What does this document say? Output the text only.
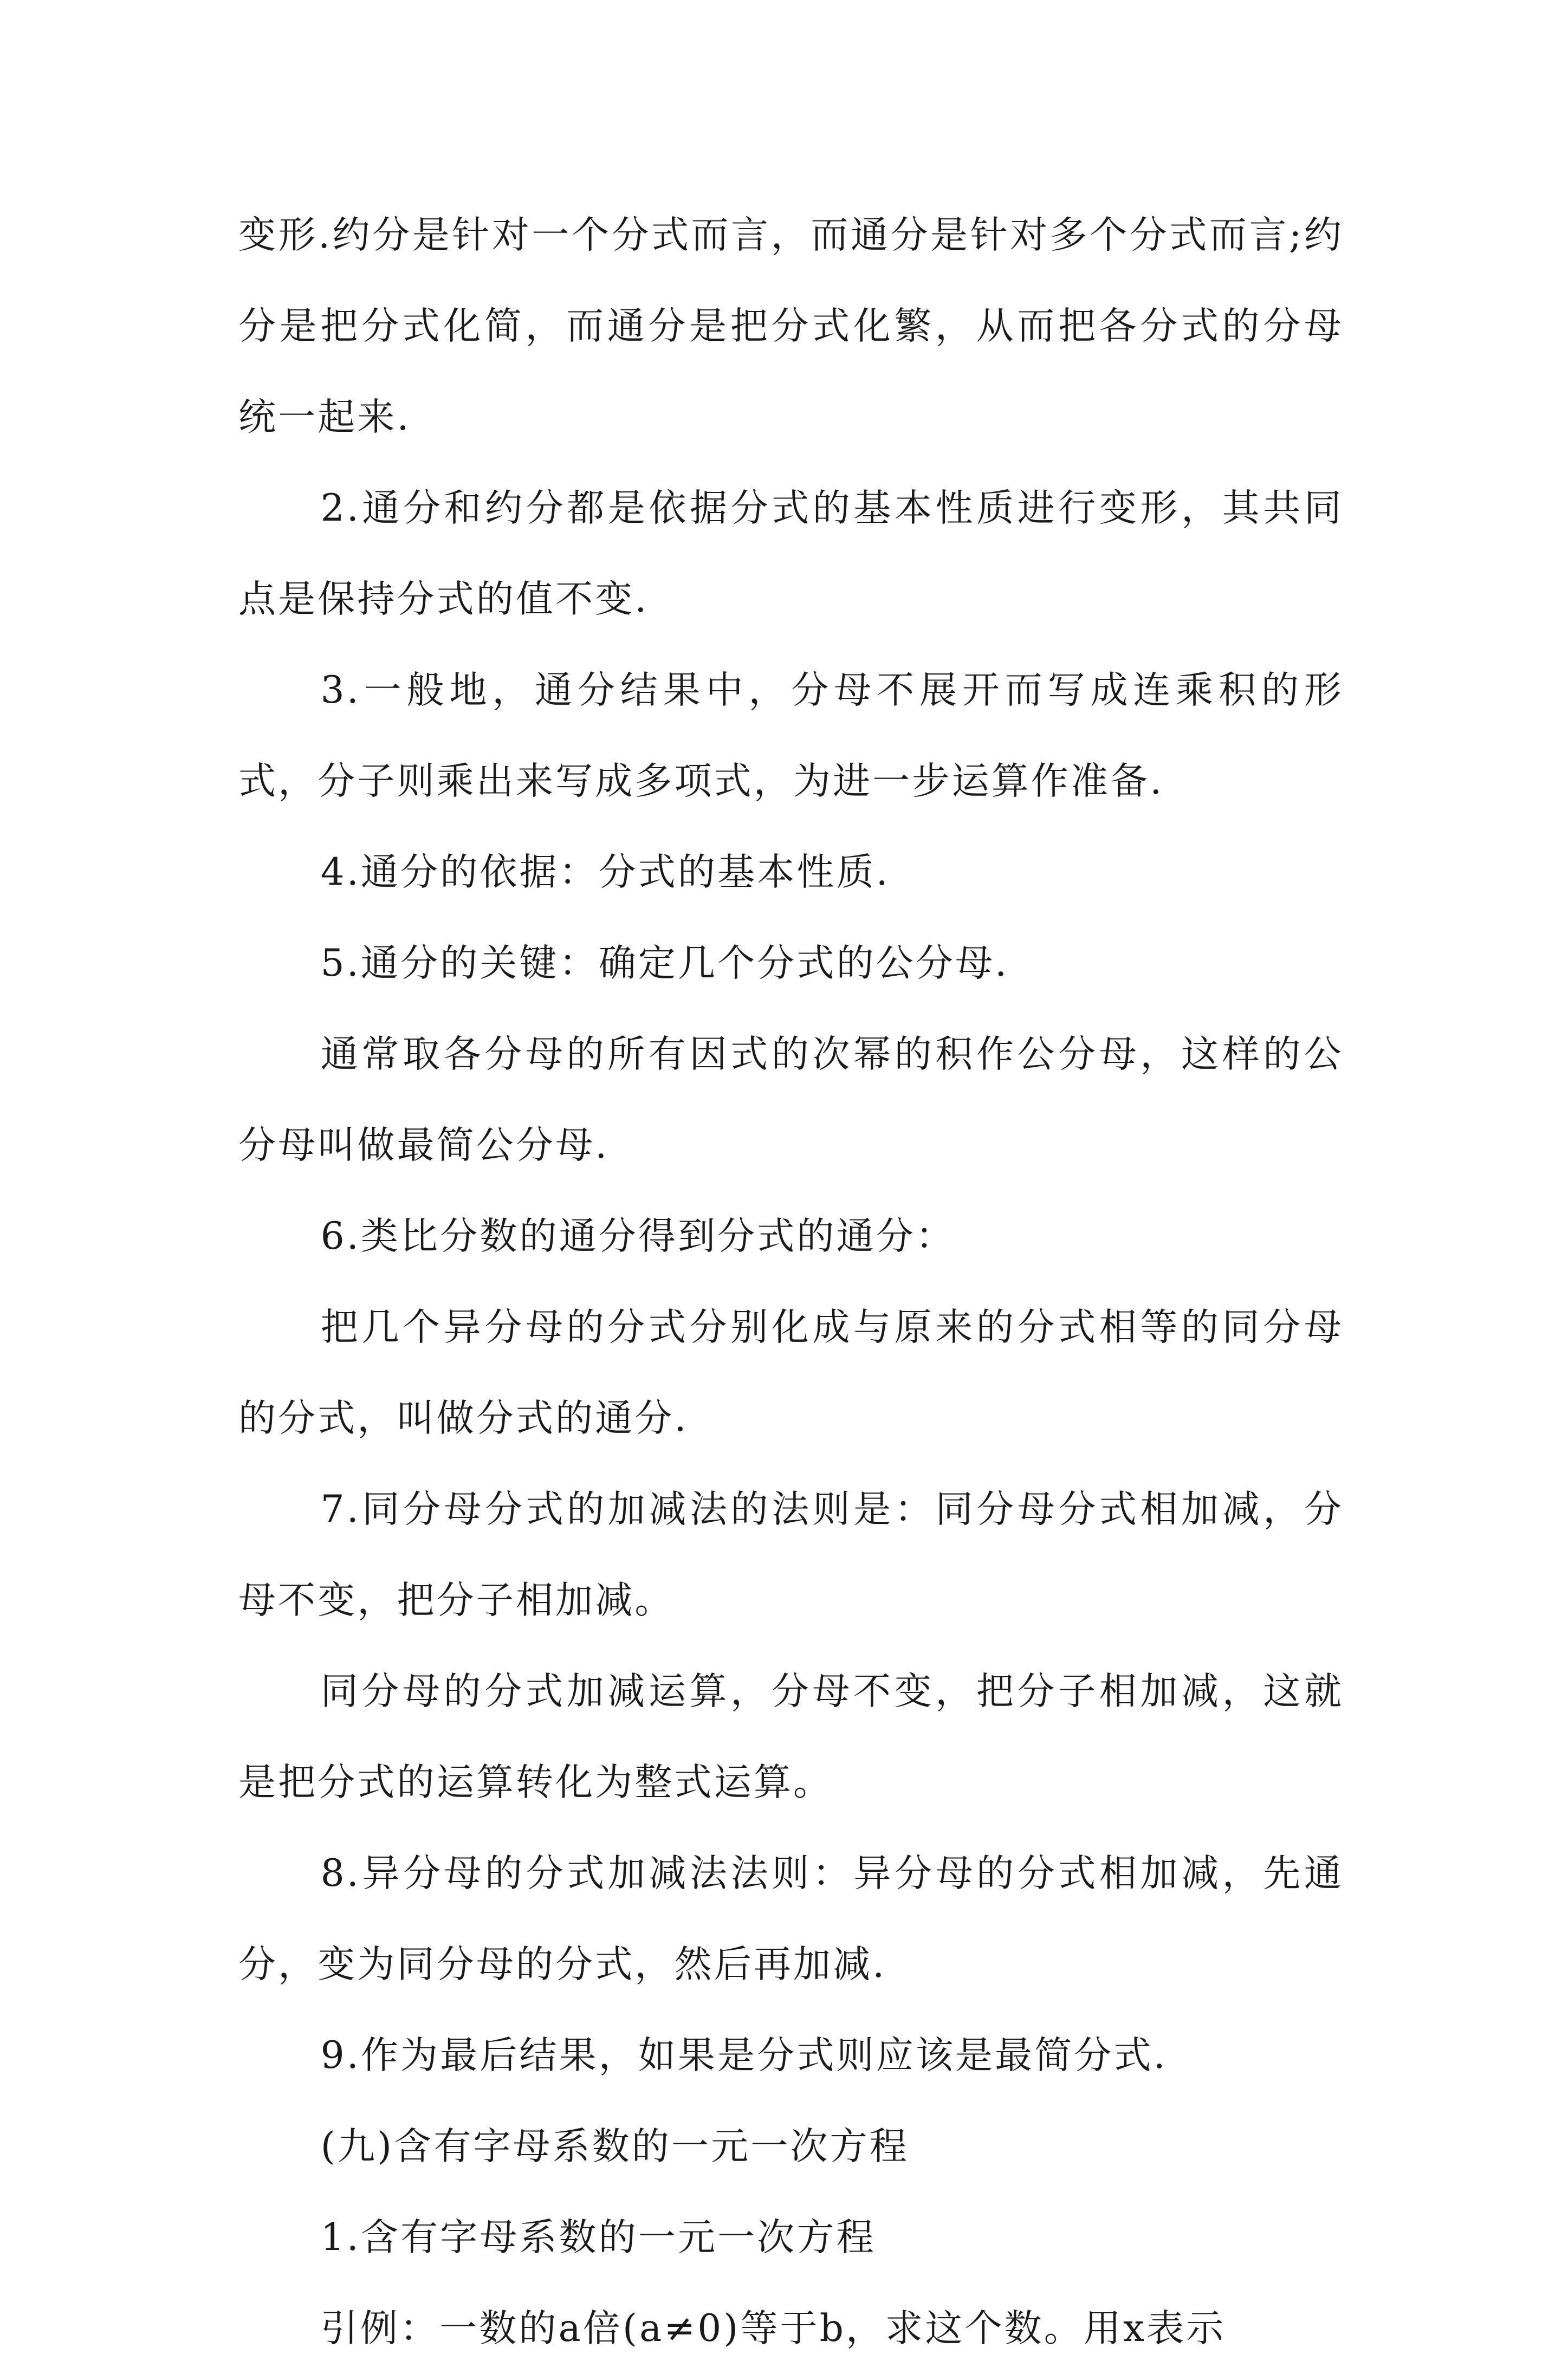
变形.约分是针对一个分式而言，而通分是针对多个分式而言;约分是把分式化简，而通分是把分式化繁，从而把各分式的分母统一起来.

2.通分和约分都是依据分式的基本性质进行变形，其共同点是保持分式的值不变.

3.一般地，通分结果中，分母不展开而写成连乘积的形式，分子则乘出来写成多项式，为进一步运算作准备.

4.通分的依据：分式的基本性质.

5.通分的关键：确定几个分式的公分母.

通常取各分母的所有因式的次幂的积作公分母，这样的公分母叫做最简公分母.

6.类比分数的通分得到分式的通分：

把几个异分母的分式分别化成与原来的分式相等的同分母的分式，叫做分式的通分.

7.同分母分式的加减法的法则是：同分母分式相加减，分母不变，把分子相加减。

同分母的分式加减运算，分母不变，把分子相加减，这就是把分式的运算转化为整式运算。

8.异分母的分式加减法法则：异分母的分式相加减，先通分，变为同分母的分式，然后再加减.

9.作为最后结果，如果是分式则应该是最简分式.

(九)含有字母系数的一元一次方程

1.含有字母系数的一元一次方程

引例：一数的a倍(a≠0)等于b，求这个数。用x表示
